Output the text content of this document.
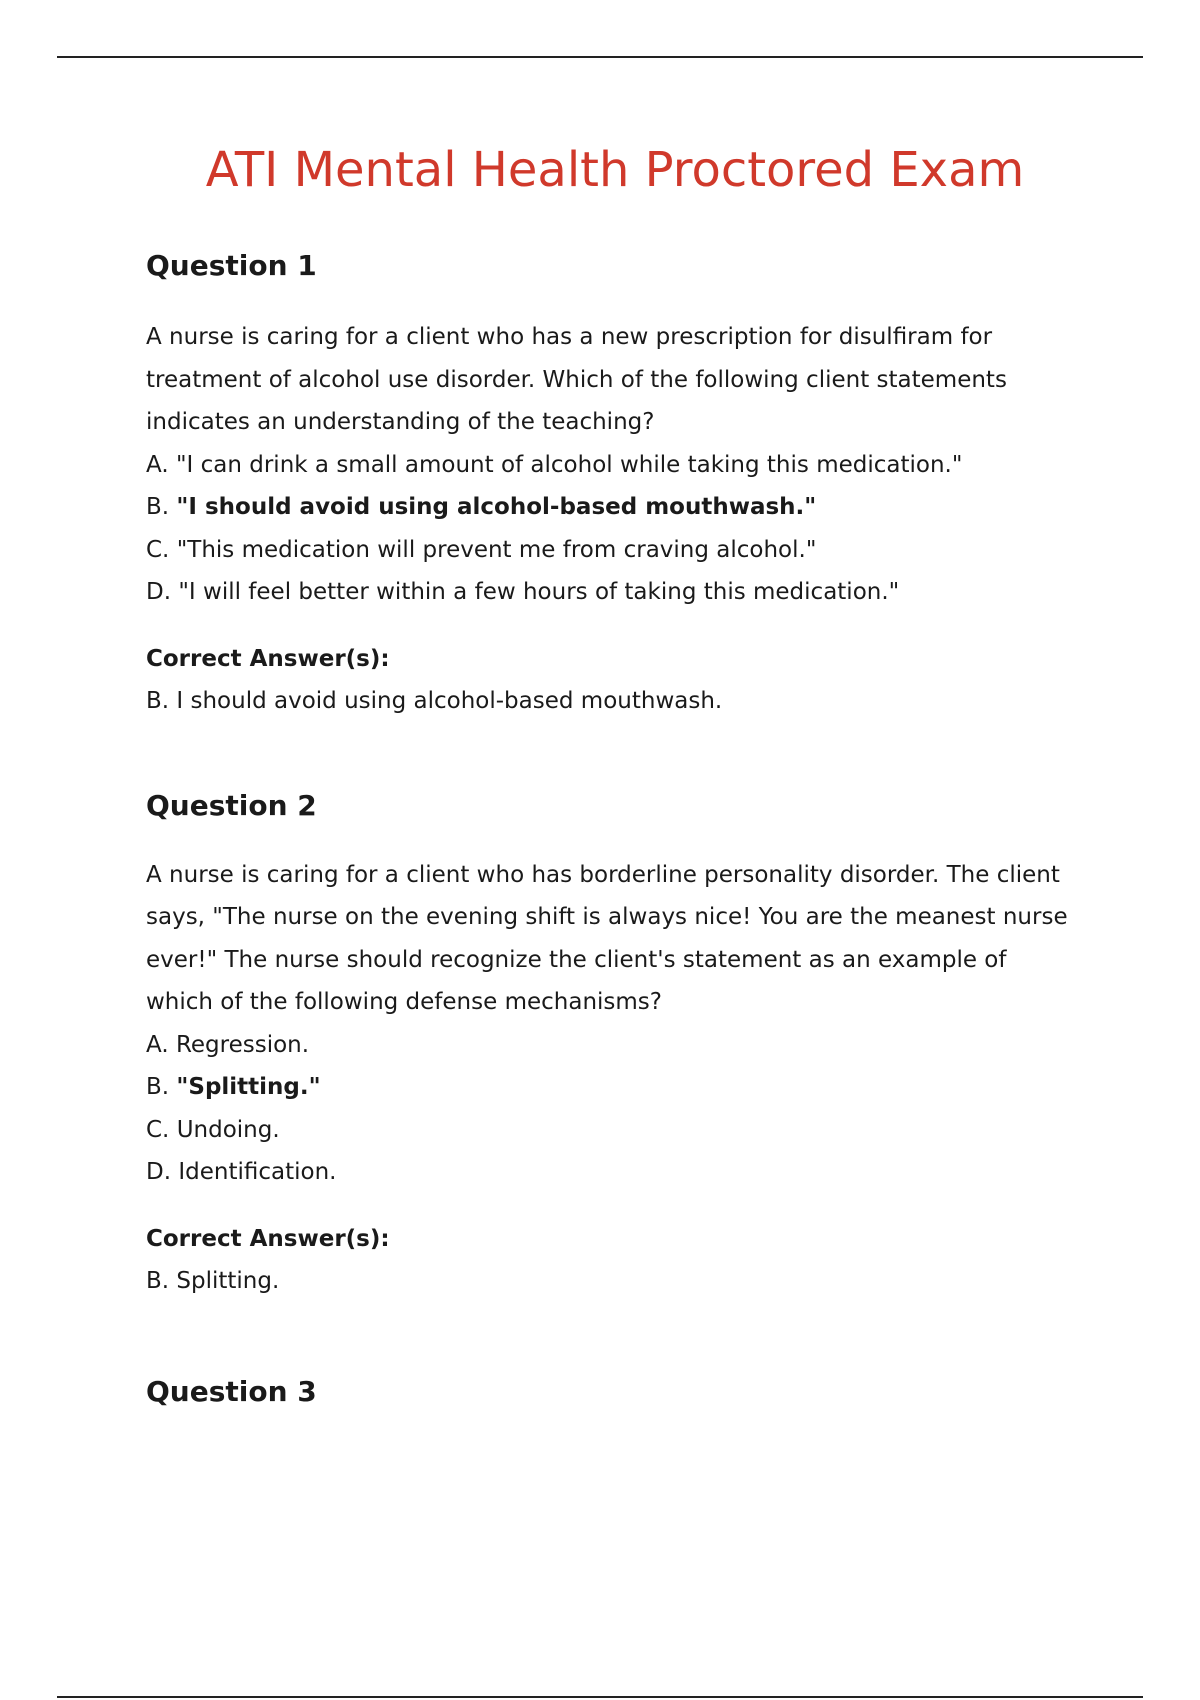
ATI Mental Health Proctored Exam
Question 1

A nurse is caring for a client who has a new prescription for disulfiram for treatment of alcohol use disorder. Which of the following client statements indicates an understanding of the teaching?

A. "I can drink a small amount of alcohol while taking this medication."
B. "I should avoid using alcohol-based mouthwash."
C. "This medication will prevent me from craving alcohol."
D. "I will feel better within a few hours of taking this medication."

Correct Answer(s):

B. I should avoid using alcohol-based mouthwash.

Question 2

A nurse is caring for a client who has borderline personality disorder. The client says, "The nurse on the evening shift is always nice! You are the meanest nurse ever!" The nurse should recognize the client's statement as an example of which of the following defense mechanisms?

A. Regression.
B. "Splitting."
C. Undoing.
D. Identification.

Correct Answer(s):

B. Splitting.

Question 3
